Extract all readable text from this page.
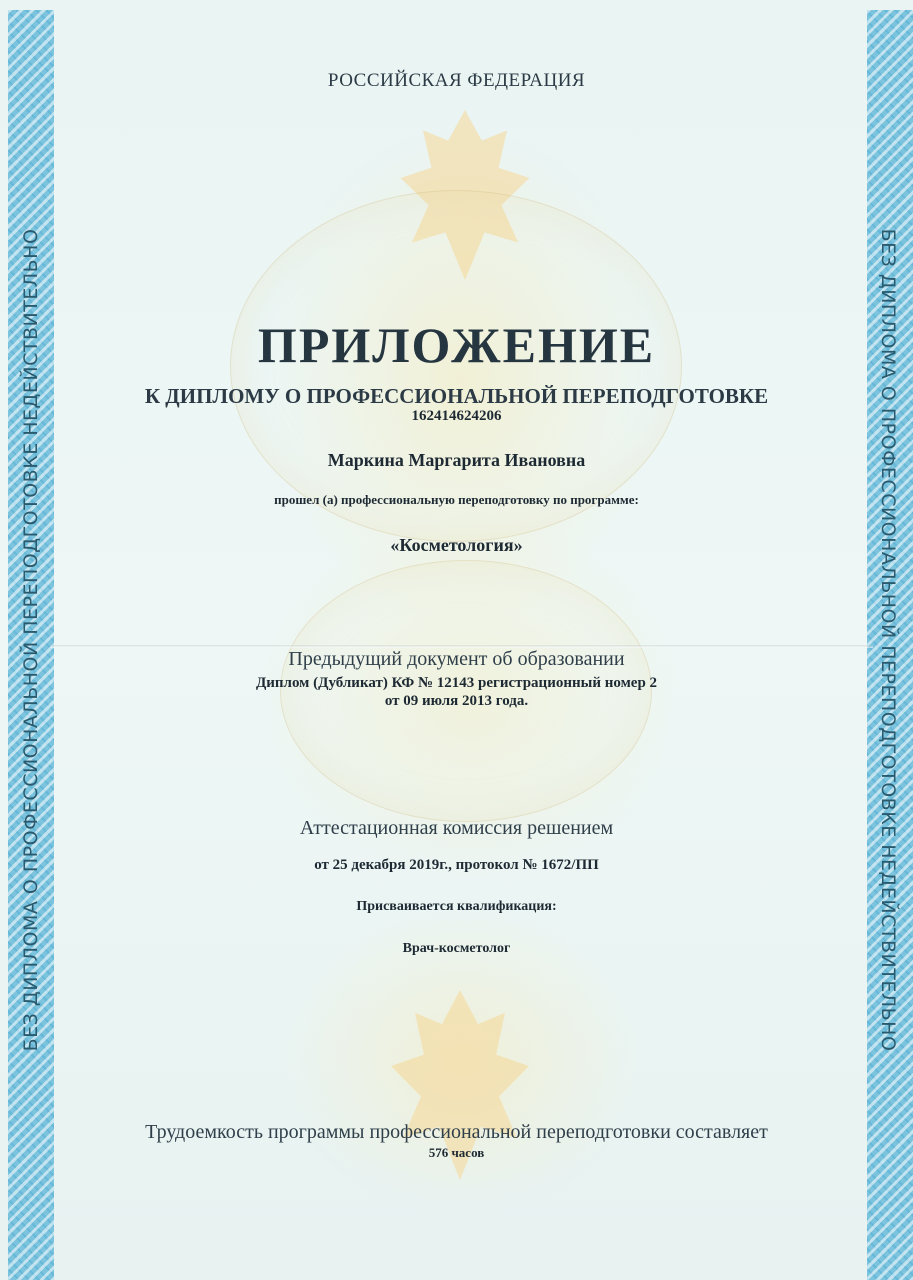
БЕЗ ДИПЛОМА О ПРОФЕССИОНАЛЬНОЙ ПЕРЕПОДГОТОВКЕ НЕДЕЙСТВИТЕЛЬНО	БЕЗ ДИПЛОМА О ПРОФЕССИОНАЛЬНОЙ ПЕРЕПОДГОТОВКЕ НЕДЕЙСТВИТЕЛЬНО
РОССИЙСКАЯ ФЕДЕРАЦИЯ
ПРИЛОЖЕНИЕ
К ДИПЛОМУ О ПРОФЕССИОНАЛЬНОЙ ПЕРЕПОДГОТОВКЕ
162414624206
Маркина Маргарита Ивановна
прошел (а) профессиональную переподготовку по программе:
«Косметология»
Предыдущий документ об образовании
Диплом (Дубликат) КФ № 12143 регистрационный номер 2
от 09 июля 2013 года.
Аттестационная комиссия решением
от 25 декабря 2019г., протокол № 1672/ПП
Присваивается квалификация:
Врач-косметолог
Трудоемкость программы профессиональной переподготовки составляет
576 часов
